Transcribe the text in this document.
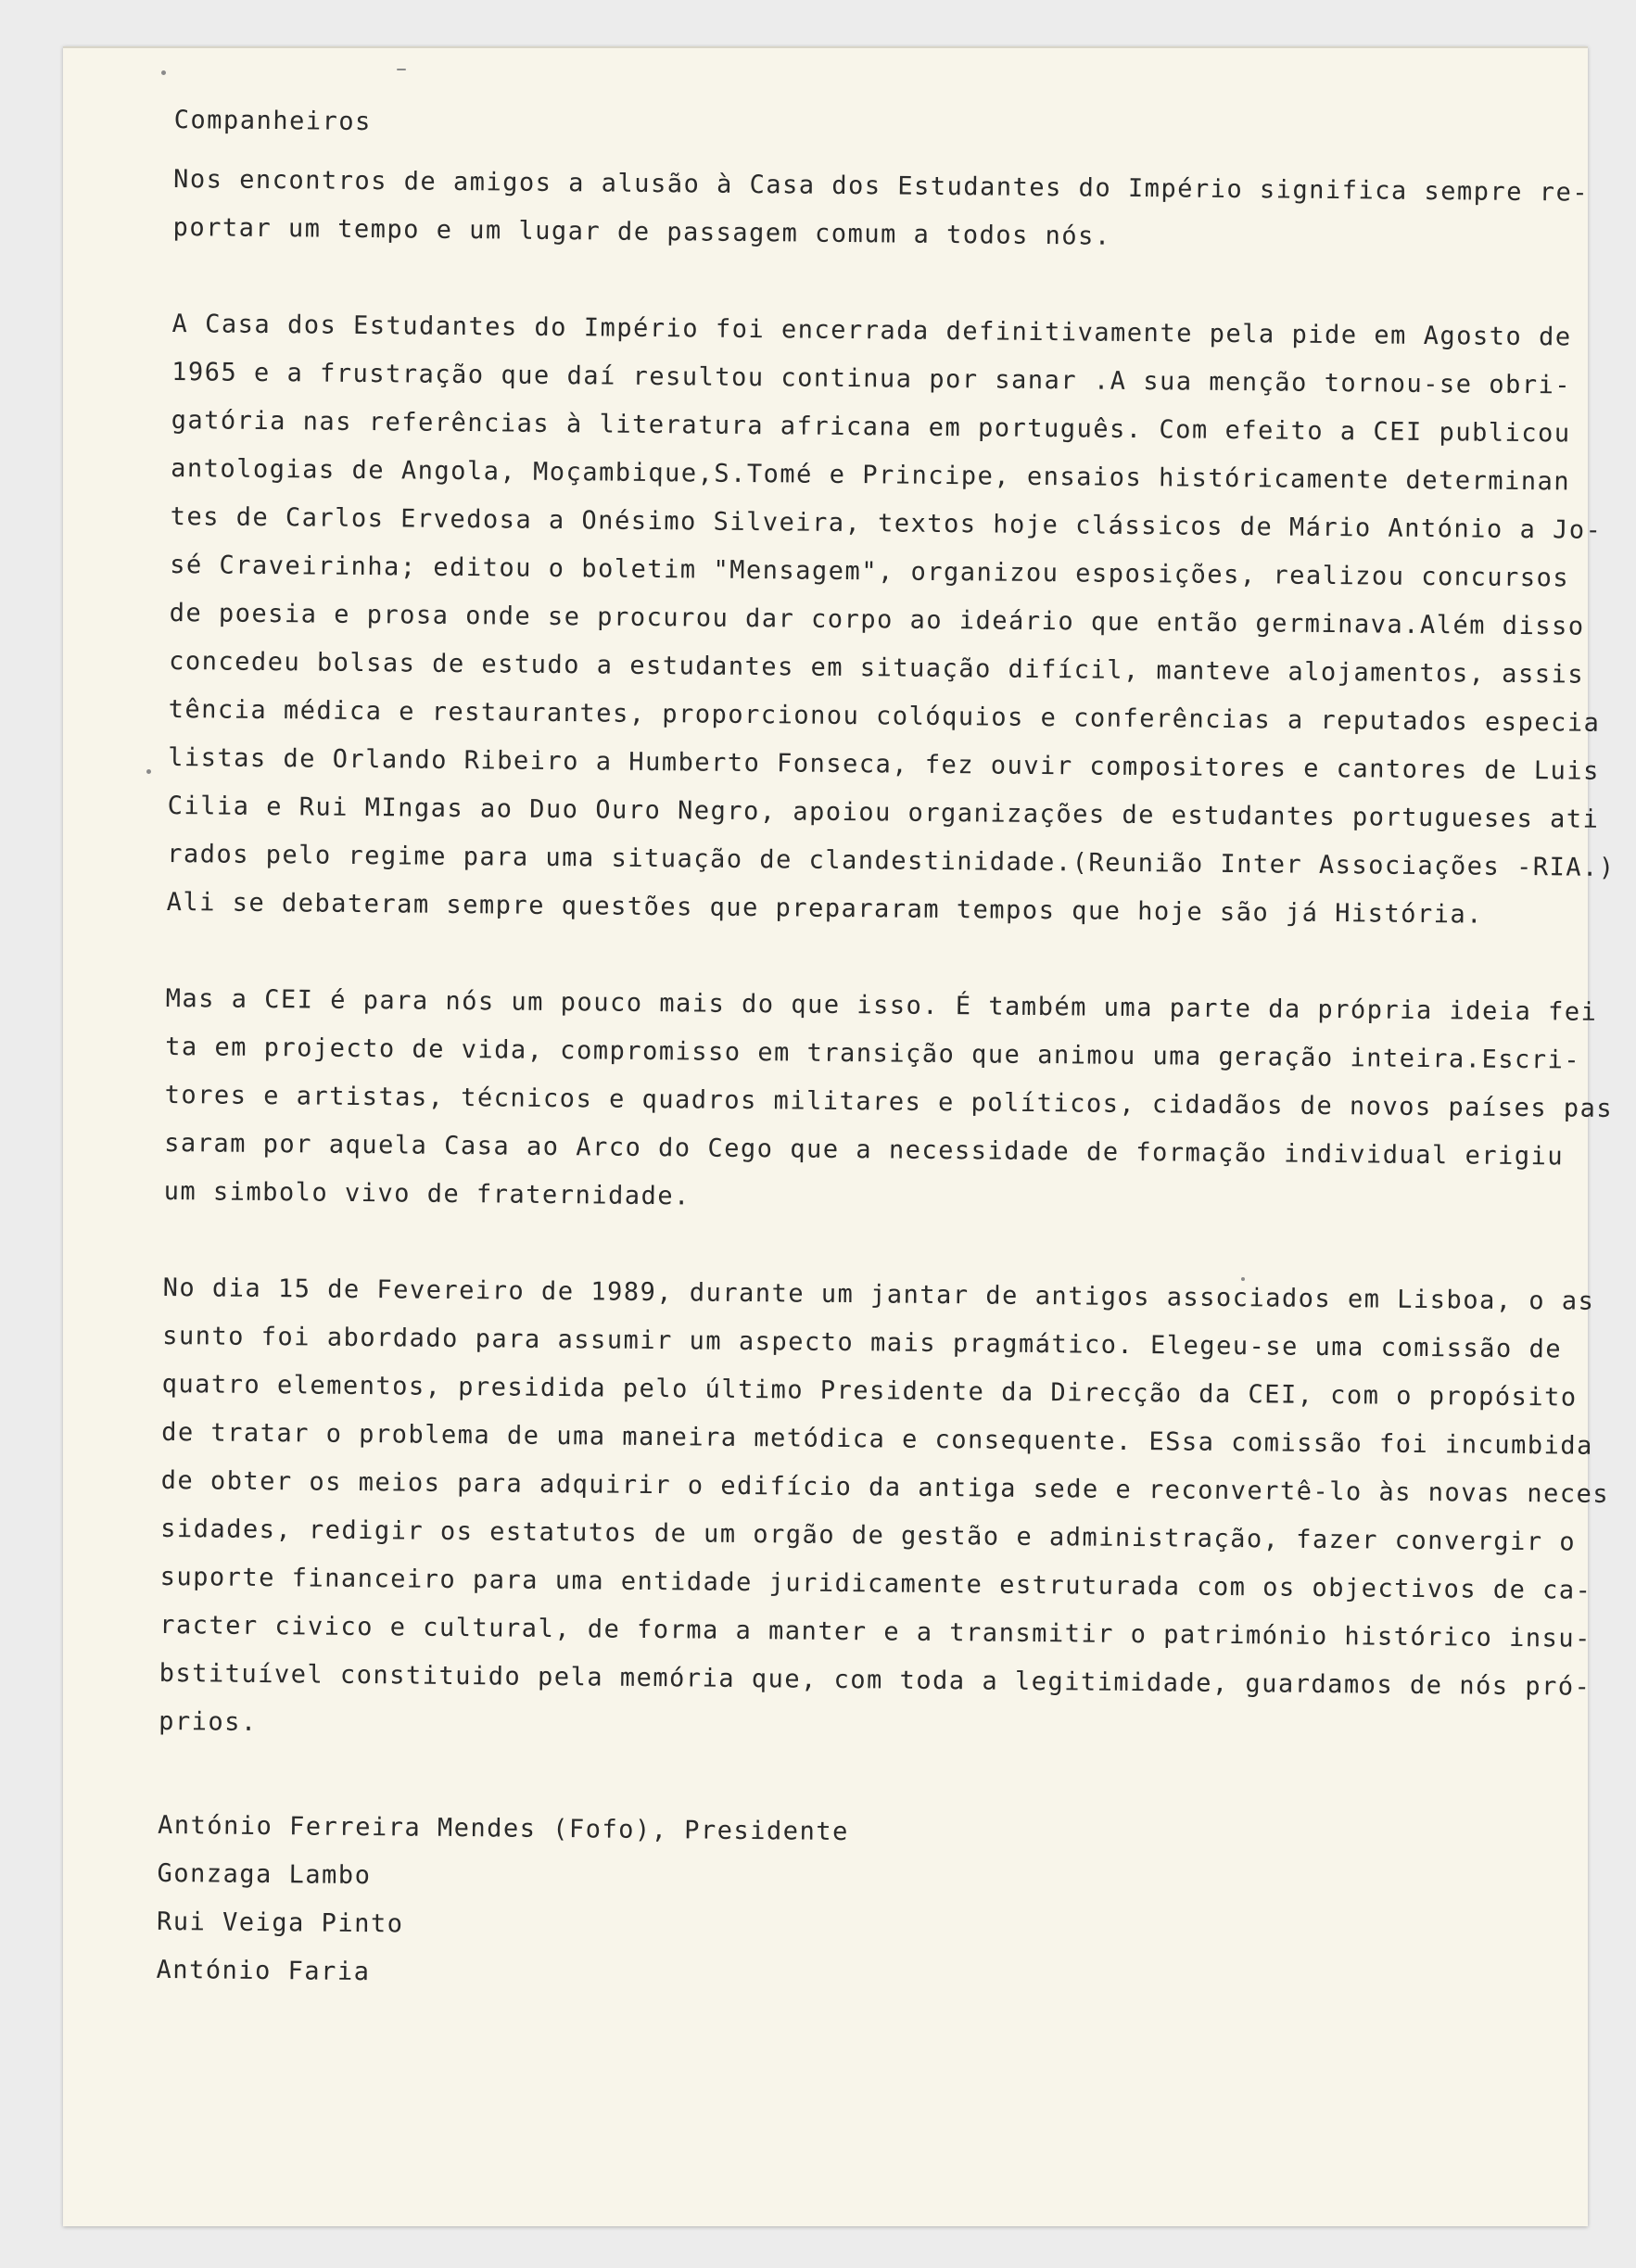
Companheiros
Nos encontros de amigos a alusão à Casa dos Estudantes do Império significa sempre re-
portar um tempo e um lugar de passagem comum a todos nós.
A Casa dos Estudantes do Império foi encerrada definitivamente pela pide em Agosto de
1965 e a frustração que daí resultou continua por sanar .A sua menção tornou-se obri-
gatória nas referências à literatura africana em português. Com efeito a CEI publicou
antologias de Angola, Moçambique,S.Tomé e Principe, ensaios históricamente determinan
tes de Carlos Ervedosa a Onésimo Silveira, textos hoje clássicos de Mário António a Jo-
sé Craveirinha; editou o boletim "Mensagem", organizou esposições, realizou concursos
de poesia e prosa onde se procurou dar corpo ao ideário que então germinava.Além disso
concedeu bolsas de estudo a estudantes em situação difícil, manteve alojamentos, assis
tência médica e restaurantes, proporcionou colóquios e conferências a reputados especia
listas de Orlando Ribeiro a Humberto Fonseca, fez ouvir compositores e cantores de Luis
Cilia e Rui MIngas ao Duo Ouro Negro, apoiou organizações de estudantes portugueses ati
rados pelo regime para uma situação de clandestinidade.(Reunião Inter Associações -RIA.)
Ali se debateram sempre questões que prepararam tempos que hoje são já História.
Mas a CEI é para nós um pouco mais do que isso. É também uma parte da própria ideia fei
ta em projecto de vida, compromisso em transição que animou uma geração inteira.Escri-
tores e artistas, técnicos e quadros militares e políticos, cidadãos de novos países pas
saram por aquela Casa ao Arco do Cego que a necessidade de formação individual erigiu
um simbolo vivo de fraternidade.
No dia 15 de Fevereiro de 1989, durante um jantar de antigos associados em Lisboa, o as
sunto foi abordado para assumir um aspecto mais pragmático. Elegeu-se uma comissão de
quatro elementos, presidida pelo último Presidente da Direcção da CEI, com o propósito
de tratar o problema de uma maneira metódica e consequente. ESsa comissão foi incumbida
de obter os meios para adquirir o edifício da antiga sede e reconvertê-lo às novas neces
sidades, redigir os estatutos de um orgão de gestão e administração, fazer convergir o
suporte financeiro para uma entidade juridicamente estruturada com os objectivos de ca-
racter civico e cultural, de forma a manter e a transmitir o património histórico insu-
bstituível constituido pela memória que, com toda a legitimidade, guardamos de nós pró-
prios.
António Ferreira Mendes (Fofo), Presidente
Gonzaga Lambo
Rui Veiga Pinto
António Faria
